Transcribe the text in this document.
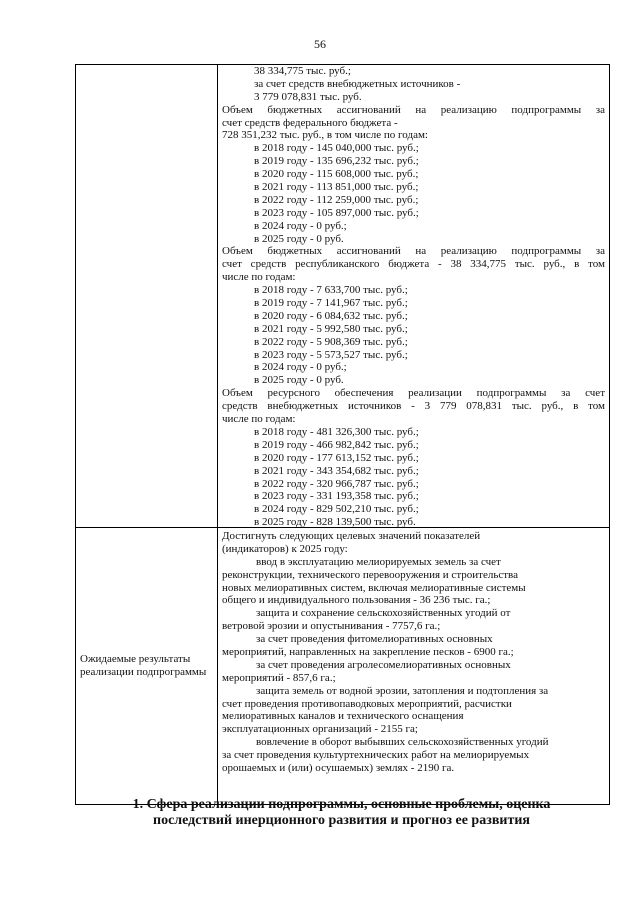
56
38 334,775 тыс. руб.;
за счет средств внебюджетных источников -
3 779 078,831 тыс. руб.
Объем бюджетных ассигнований на реализацию подпрограммы за
счет средств федерального бюджета -
728 351,232 тыс. руб., в том числе по годам:
в 2018 году - 145 040,000 тыс. руб.;
в 2019 году - 135 696,232 тыс. руб.;
в 2020 году - 115 608,000 тыс. руб.;
в 2021 году - 113 851,000 тыс. руб.;
в 2022 году - 112 259,000 тыс. руб.;
в 2023 году - 105 897,000 тыс. руб.;
в 2024 году - 0 руб.;
в 2025 году - 0 руб.
Объем бюджетных ассигнований на реализацию подпрограммы за
счет средств республиканского бюджета - 38 334,775 тыс. руб., в том
числе по годам:
в 2018 году - 7 633,700 тыс. руб.;
в 2019 году - 7 141,967 тыс. руб.;
в 2020 году - 6 084,632 тыс. руб.;
в 2021 году - 5 992,580 тыс. руб.;
в 2022 году - 5 908,369 тыс. руб.;
в 2023 году - 5 573,527 тыс. руб.;
в 2024 году - 0 руб.;
в 2025 году - 0 руб.
Объем ресурсного обеспечения реализации подпрограммы за счет
средств внебюджетных источников - 3 779 078,831 тыс. руб., в том
числе по годам:
в 2018 году - 481 326,300 тыс. руб.;
в 2019 году - 466 982,842 тыс. руб.;
в 2020 году - 177 613,152 тыс. руб.;
в 2021 году - 343 354,682 тыс. руб.;
в 2022 году - 320 966,787 тыс. руб.;
в 2023 году - 331 193,358 тыс. руб.;
в 2024 году - 829 502,210 тыс. руб.;
в 2025 году - 828 139,500 тыс. руб.
Ожидаемые результаты реализации подпрограммы
Достигнуть следующих целевых значений показателей
(индикаторов) к 2025 году:
ввод в эксплуатацию мелиорируемых земель за счет
реконструкции, технического перевооружения и строительства
новых мелиоративных систем, включая мелиоративные системы
общего и индивидуального пользования - 36 236 тыс. га.;
защита и сохранение сельскохозяйственных угодий от
ветровой эрозии и опустынивания - 7757,6 га.;
за счет проведения фитомелиоративных основных
мероприятий, направленных на закрепление песков - 6900 га.;
за счет проведения агролесомелиоративных основных
мероприятий - 857,6 га.;
защита земель от водной эрозии, затопления и подтопления за
счет проведения противопаводковых мероприятий, расчистки
мелиоративных каналов и технического оснащения
эксплуатационных организаций - 2155 га;
вовлечение в оборот выбывших сельскохозяйственных угодий
за счет проведения культуртехнических работ на мелиорируемых
орошаемых и (или) осушаемых) землях - 2190 га.
1. Сфера реализации подпрограммы, основные проблемы, оценка
последствий инерционного развития и прогноз ее развития
